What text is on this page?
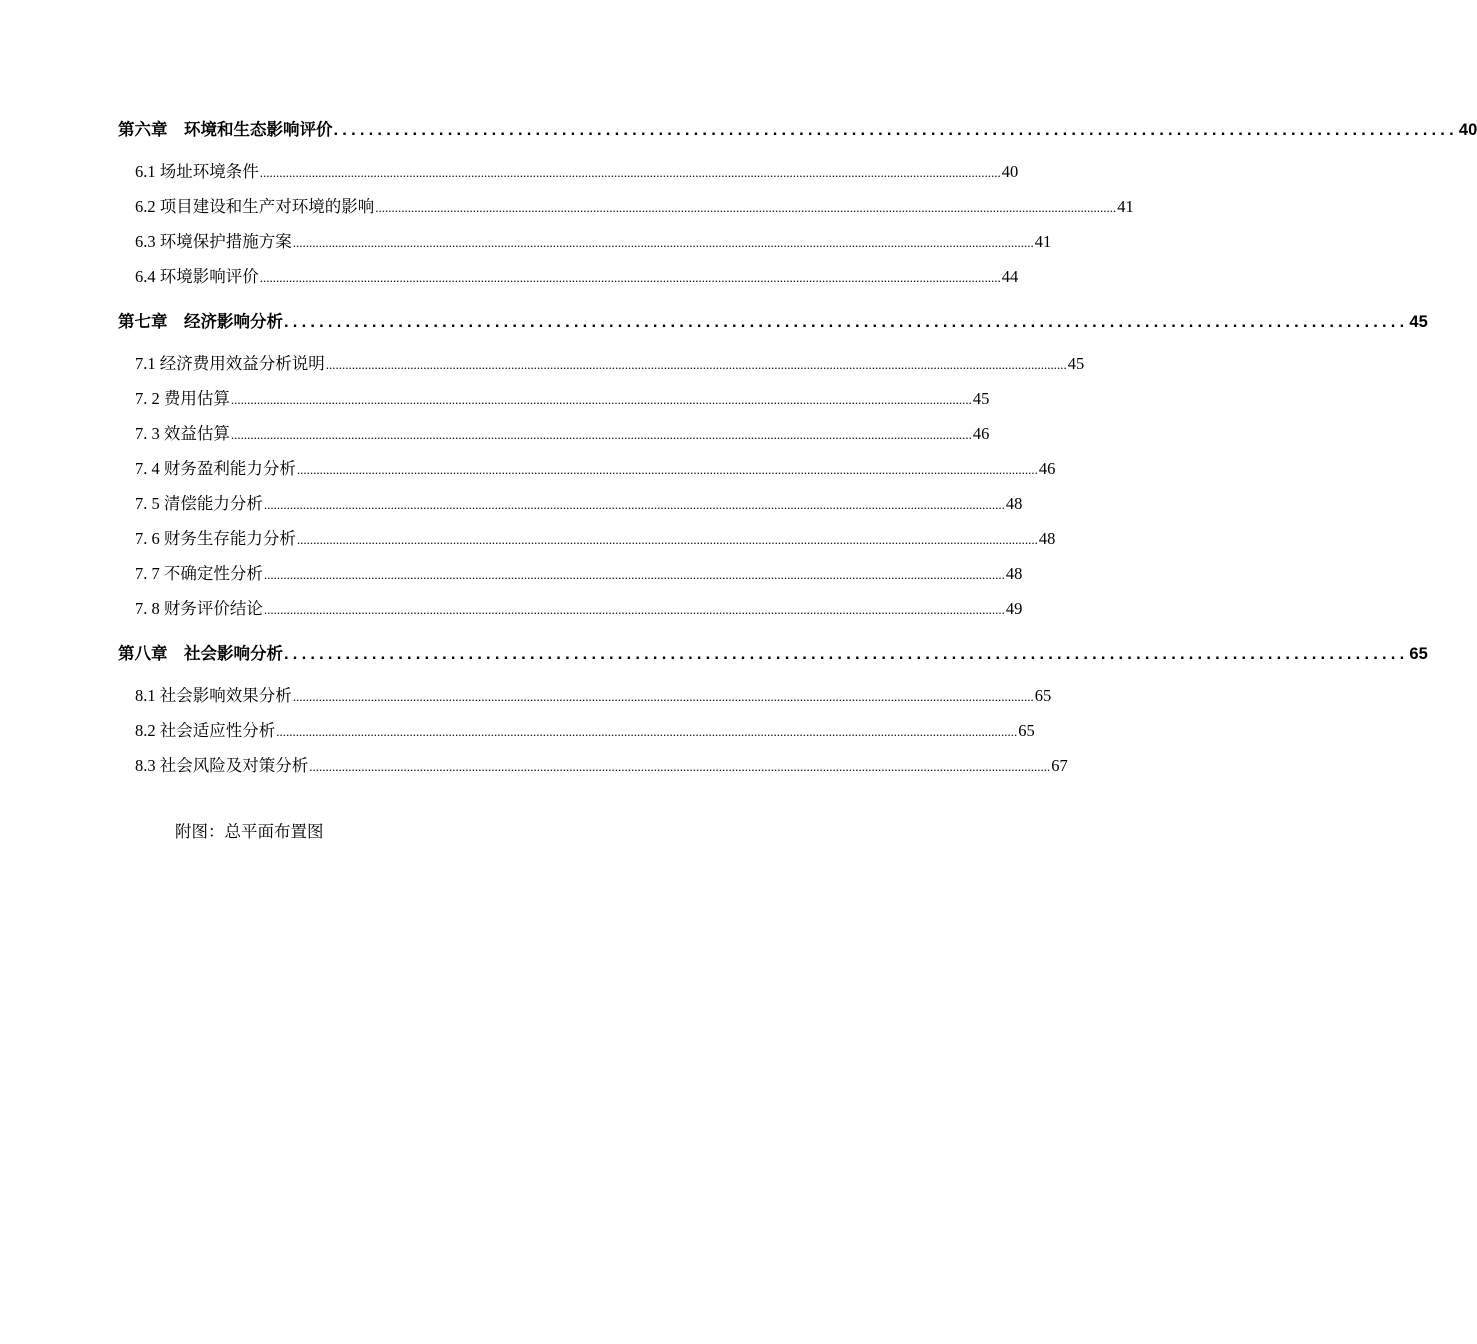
第六章　环境和生态影响评价 ................................................................................................................................ 40
6.1 场址环境条件 .................................................................................................................................................................................................................................... 40
6.2 项目建设和生产对环境的影响 .................................................................................................................................................................................................................................... 41
6.3 环境保护措施方案 .................................................................................................................................................................................................................................... 41
6.4 环境影响评价 .................................................................................................................................................................................................................................... 44
第七章　经济影响分析 ................................................................................................................................ 45
7.1 经济费用效益分析说明 .................................................................................................................................................................................................................................... 45
7. 2 费用估算 .................................................................................................................................................................................................................................... 45
7. 3 效益估算 .................................................................................................................................................................................................................................... 46
7. 4 财务盈利能力分析 .................................................................................................................................................................................................................................... 46
7. 5 清偿能力分析 .................................................................................................................................................................................................................................... 48
7. 6 财务生存能力分析 .................................................................................................................................................................................................................................... 48
7. 7 不确定性分析 .................................................................................................................................................................................................................................... 48
7. 8 财务评价结论 .................................................................................................................................................................................................................................... 49
第八章　社会影响分析 ................................................................................................................................ 65
8.1 社会影响效果分析 .................................................................................................................................................................................................................................... 65
8.2 社会适应性分析 .................................................................................................................................................................................................................................... 65
8.3 社会风险及对策分析 .................................................................................................................................................................................................................................... 67
附图：总平面布置图
